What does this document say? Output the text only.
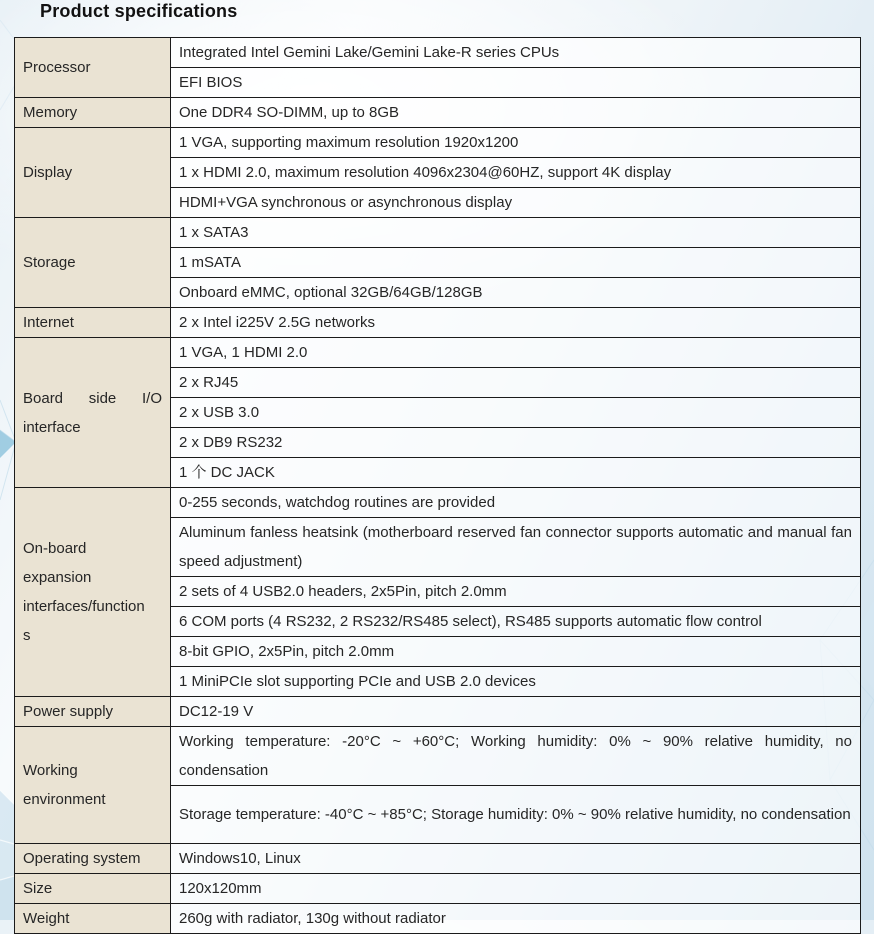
Product specifications
Processor	Integrated Intel Gemini Lake/Gemini Lake-R series CPUs
	EFI BIOS

Memory	One DDR4 SO-DIMM, up to 8GB

Display	1 VGA, supporting maximum resolution 1920x1200
	1 x HDMI 2.0, maximum resolution 4096x2304@60HZ, support 4K display
	HDMI+VGA synchronous or asynchronous display

Storage	1 x SATA3
	1 mSATA
	Onboard eMMC, optional 32GB/64GB/128GB

Internet	2 x Intel i225V 2.5G networks

Board side I/O
interface	1 VGA, 1 HDMI 2.0
	2 x RJ45
	2 x USB 3.0
	2 x DB9 RS232
	1 个 DC JACK

On-board
expansion
interfaces/function
s	0-255 seconds, watchdog routines are provided
	Aluminum fanless heatsink (motherboard reserved fan connector supports automatic and manual fan speed adjustment)
	2 sets of 4 USB2.0 headers, 2x5Pin, pitch 2.0mm
	6 COM ports (4 RS232, 2 RS232/RS485 select), RS485 supports automatic flow control
	8-bit GPIO, 2x5Pin, pitch 2.0mm
	1 MiniPCIe slot supporting PCIe and USB 2.0 devices

Power supply	DC12-19 V

Working
environment	Working temperature: -20°C ~ +60°C; Working humidity: 0% ~ 90% relative humidity, no condensation
	Storage temperature: -40°C ~ +85°C; Storage humidity: 0% ~ 90% relative humidity, no condensation

Operating system	Windows10, Linux

Size	120x120mm

Weight	260g with radiator, 130g without radiator
